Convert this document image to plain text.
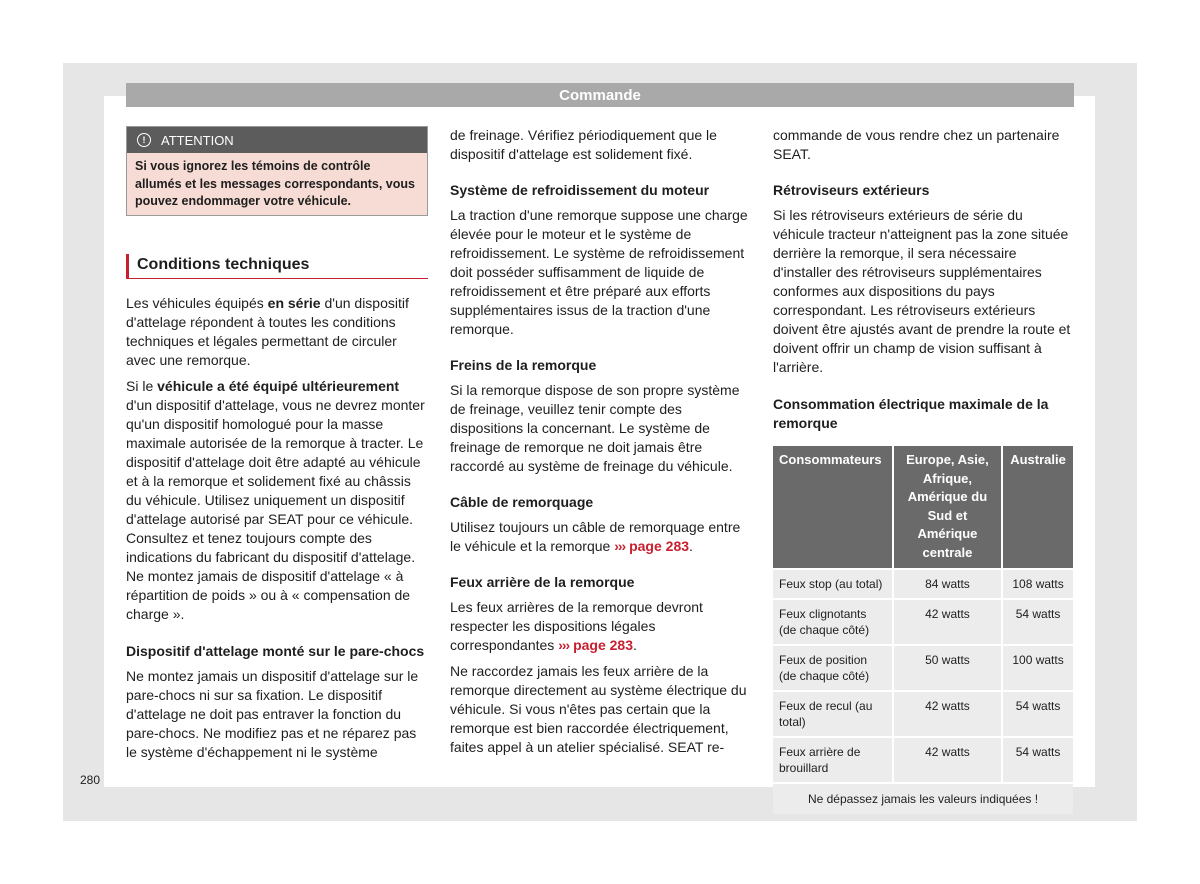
Commande
!	ATTENTION
Si vous ignorez les témoins de contrôle allumés et les messages correspondants, vous pouvez endommager votre véhicule.
Conditions techniques

Les véhicules équipés en série d'un dispositif d'attelage répondent à toutes les conditions techniques et légales permettant de circuler avec une remorque.

Si le véhicule a été équipé ultérieurement d'un dispositif d'attelage, vous ne devrez monter qu'un dispositif homologué pour la masse maximale autorisée de la remorque à tracter. Le dispositif d'attelage doit être adapté au véhicule et à la remorque et solidement fixé au châssis du véhicule. Utilisez uniquement un dispositif d'attelage autorisé par SEAT pour ce véhicule. Consultez et tenez toujours compte des indications du fabricant du dispositif d'attelage. Ne montez jamais de dispositif d'attelage « à répartition de poids » ou à « compensation de charge ».

Dispositif d'attelage monté sur le pare-chocs

Ne montez jamais un dispositif d'attelage sur le pare-chocs ni sur sa fixation. Le dispositif d'attelage ne doit pas entraver la fonction du pare-chocs. Ne modifiez pas et ne réparez pas le système d'échappement ni le système

de freinage. Vérifiez périodiquement que le dispositif d'attelage est solidement fixé.

Système de refroidissement du moteur

La traction d'une remorque suppose une charge élevée pour le moteur et le système de refroidissement. Le système de refroidissement doit posséder suffisamment de liquide de refroidissement et être préparé aux efforts supplémentaires issus de la traction d'une remorque.

Freins de la remorque

Si la remorque dispose de son propre système de freinage, veuillez tenir compte des dispositions la concernant. Le système de freinage de remorque ne doit jamais être raccordé au système de freinage du véhicule.

Câble de remorquage

Utilisez toujours un câble de remorquage entre le véhicule et la remorque ››› page 283.

Feux arrière de la remorque

Les feux arrières de la remorque devront respecter les dispositions légales correspondantes ››› page 283.

Ne raccordez jamais les feux arrière de la remorque directement au système électrique du véhicule. Si vous n'êtes pas certain que la remorque est bien raccordée électriquement, faites appel à un atelier spécialisé. SEAT re-

commande de vous rendre chez un partenaire SEAT.

Rétroviseurs extérieurs

Si les rétroviseurs extérieurs de série du véhicule tracteur n'atteignent pas la zone située derrière la remorque, il sera nécessaire d'installer des rétroviseurs supplémentaires conformes aux dispositions du pays correspondant. Les rétroviseurs extérieurs doivent être ajustés avant de prendre la route et doivent offrir un champ de vision suffisant à l'arrière.

Consommation électrique maximale de la remorque
Consommateurs	Europe, Asie, Afrique, Amérique du Sud et Amérique centrale	Australie
Feux stop (au total)	84 watts	108 watts
Feux clignotants (de chaque côté)	42 watts	54 watts
Feux de position (de chaque côté)	50 watts	100 watts
Feux de recul (au total)	42 watts	54 watts
Feux arrière de brouillard	42 watts	54 watts
Ne dépassez jamais les valeurs indiquées !		
280
